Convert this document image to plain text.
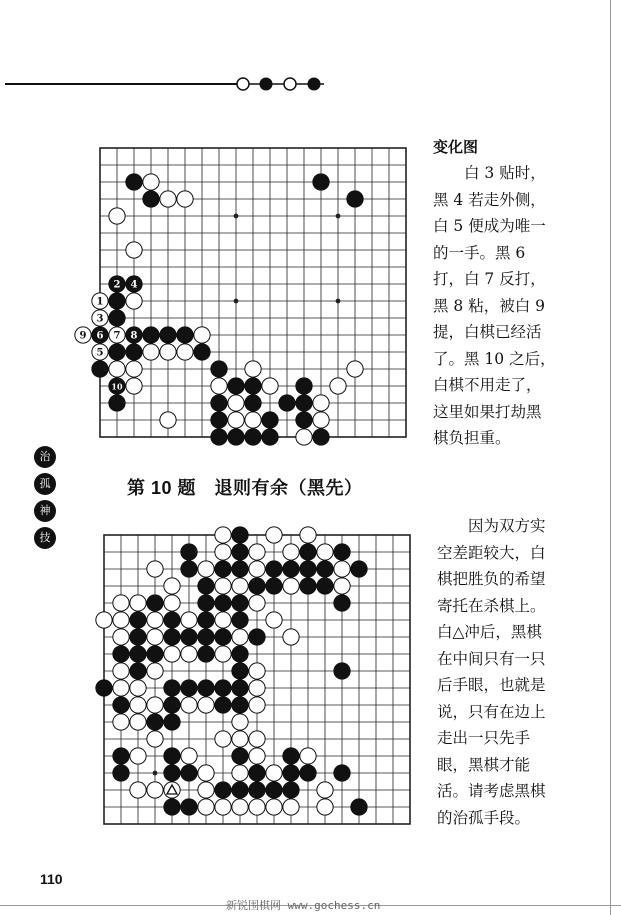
2 4
1
3
9 6 7 8
5
10
变化图
白 3 贴时，
黑 4 若走外侧，
白 5 便成为唯一
的一手。黑 6
打，白 7 反打，
黑 8 粘，被白 9
提，白棋已经活
了。黑 10 之后，
白棋不用走了，
这里如果打劫黑
棋负担重。
治
孤
神
技
第 10 题　退则有余（黑先）
因为双方实
空差距较大，白
棋把胜负的希望
寄托在杀棋上。
白△冲后，黑棋
在中间只有一只
后手眼，也就是
说，只有在边上
走出一只先手
眼，黑棋才能
活。请考虑黑棋
的治孤手段。
110
新锐围棋网 www.gochess.cn
